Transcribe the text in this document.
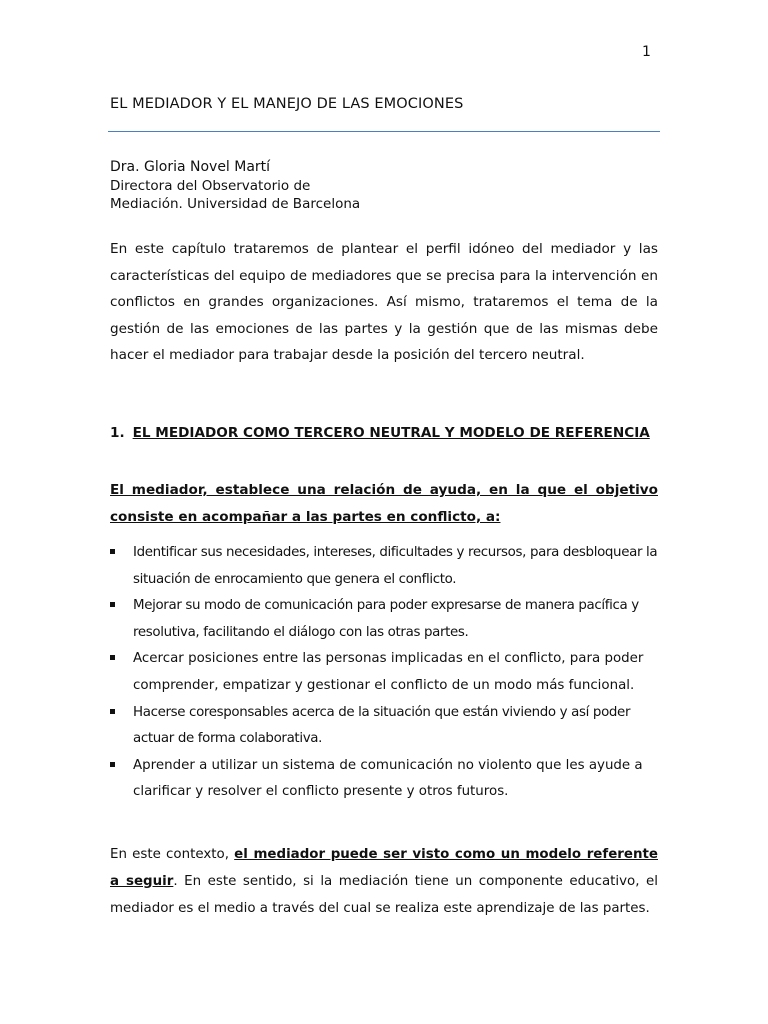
1
EL MEDIADOR Y EL MANEJO DE LAS EMOCIONES
Dra. Gloria Novel Martí
Directora del Observatorio de
Mediación. Universidad de Barcelona

En este capítulo trataremos de plantear el perfil idóneo del mediador y las características del equipo de mediadores que se precisa para la intervención en conflictos en grandes organizaciones. Así mismo, trataremos el tema de la gestión de las emociones de las partes y la gestión que de las mismas debe hacer el mediador para trabajar desde la posición del tercero neutral.

1. EL MEDIADOR COMO TERCERO NEUTRAL Y MODELO DE REFERENCIA

El mediador, establece una relación de ayuda, en la que el objetivo consiste en acompañar a las partes en conflicto, a:

Identificar sus necesidades, intereses, dificultades y recursos, para desbloquear la situación de enrocamiento que genera el conflicto.
Mejorar su modo de comunicación para poder expresarse de manera pacífica y resolutiva, facilitando el diálogo con las otras partes.
Acercar posiciones entre las personas implicadas en el conflicto, para poder comprender, empatizar y gestionar el conflicto de un modo más funcional.
Hacerse coresponsables acerca de la situación que están viviendo y así poder actuar de forma colaborativa.
Aprender a utilizar un sistema de comunicación no violento que les ayude a clarificar y resolver el conflicto presente y otros futuros.

En este contexto, el mediador puede ser visto como un modelo referente a seguir. En este sentido, si la mediación tiene un componente educativo, el mediador es el medio a través del cual se realiza este aprendizaje de las partes.
